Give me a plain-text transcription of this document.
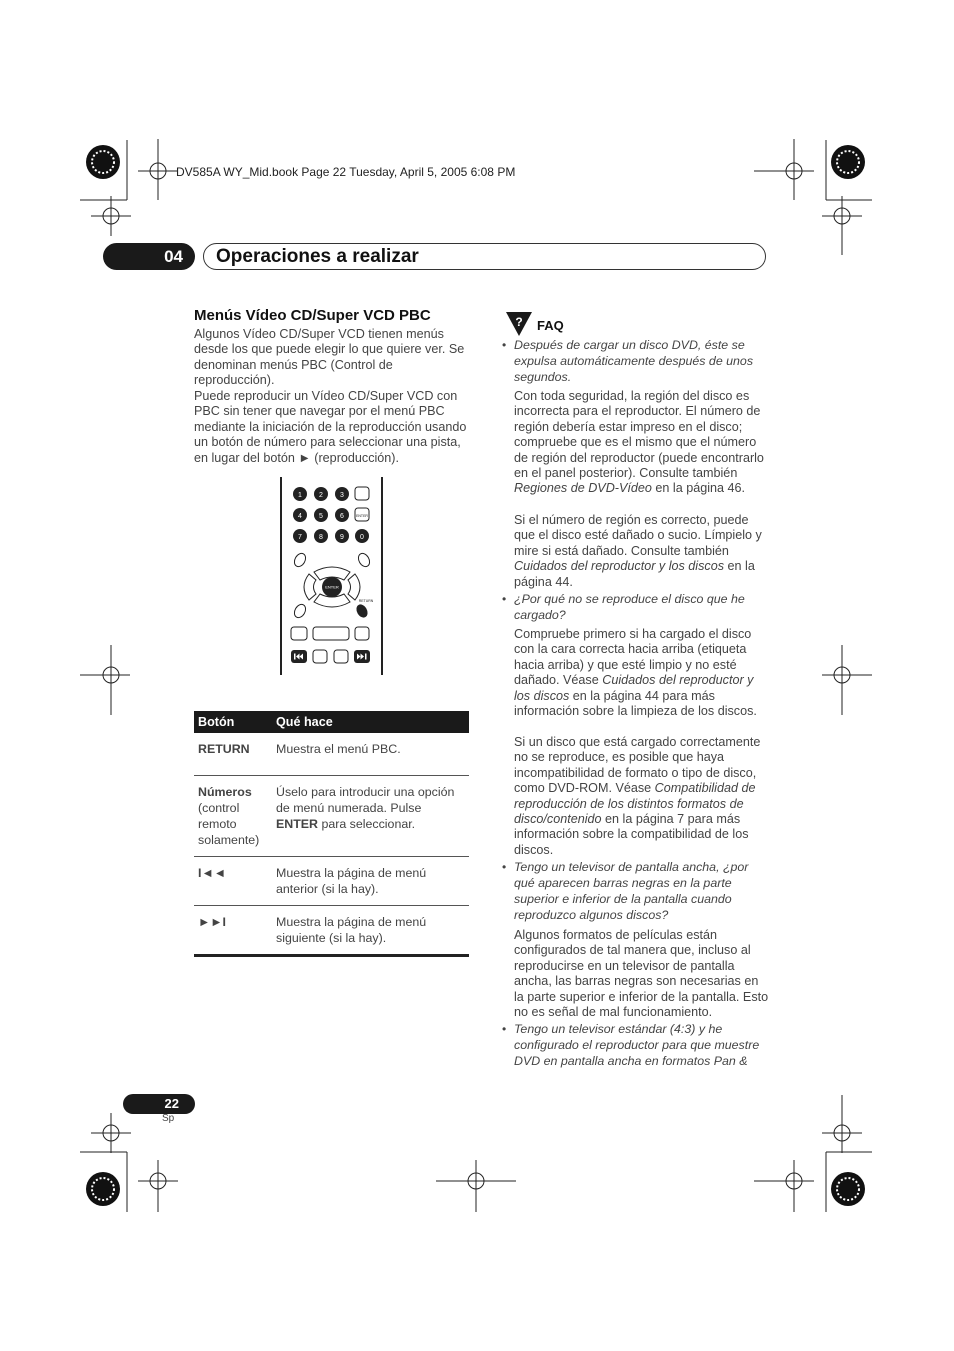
DV585A WY_Mid.book Page 22 Tuesday, April 5, 2005 6:08 PM
04	Operaciones a realizar
Menús Vídeo CD/Super VCD PBC
Algunos Vídeo CD/Super VCD tienen menús desde los que puede elegir lo que quiere ver. Se denominan menús PBC (Control de reproducción).
Puede reproducir un Vídeo CD/Super VCD con PBC sin tener que navegar por el menú PBC mediante la iniciación de la reproducción usando un botón de número para seleccionar una pista, en lugar del botón ► (reproducción).
1 2 3
4 5 6
7 8 9 0
ENTER
ENTER
RETURN
Botón	Qué hace
RETURN	Muestra el menú PBC.
Números
(control remoto solamente)	Úselo para introducir una opción de menú numerada. Pulse ENTER para seleccionar.
I◄◄	Muestra la página de menú anterior (si la hay).
►►I	Muestra la página de menú siguiente (si la hay).
? FAQ
• Después de cargar un disco DVD, éste se expulsa automáticamente después de unos segundos.
Con toda seguridad, la región del disco es incorrecta para el reproductor. El número de región debería estar impreso en el disco; compruebe que es el mismo que el número de región del reproductor (puede encontrarlo en el panel posterior). Consulte también Regiones de DVD-Vídeo en la página 46.
Si el número de región es correcto, puede que el disco esté dañado o sucio. Límpielo y mire si está dañado. Consulte también Cuidados del reproductor y los discos en la página 44.
• ¿Por qué no se reproduce el disco que he cargado?
Compruebe primero si ha cargado el disco con la cara correcta hacia arriba (etiqueta hacia arriba) y que esté limpio y no esté dañado. Véase Cuidados del reproductor y los discos en la página 44 para más información sobre la limpieza de los discos.
Si un disco que está cargado correctamente no se reproduce, es posible que haya incompatibilidad de formato o tipo de disco, como DVD-ROM. Véase Compatibilidad de reproducción de los distintos formatos de disco/contenido en la página 7 para más información sobre la compatibilidad de los discos.
• Tengo un televisor de pantalla ancha, ¿por qué aparecen barras negras en la parte superior e inferior de la pantalla cuando reproduzco algunos discos?
Algunos formatos de películas están configurados de tal manera que, incluso al reproducirse en un televisor de pantalla ancha, las barras negras son necesarias en la parte superior e inferior de la pantalla. Esto no es señal de mal funcionamiento.
• Tengo un televisor estándar (4:3) y he configurado el reproductor para que muestre DVD en pantalla ancha en formatos Pan &
22
Sp
